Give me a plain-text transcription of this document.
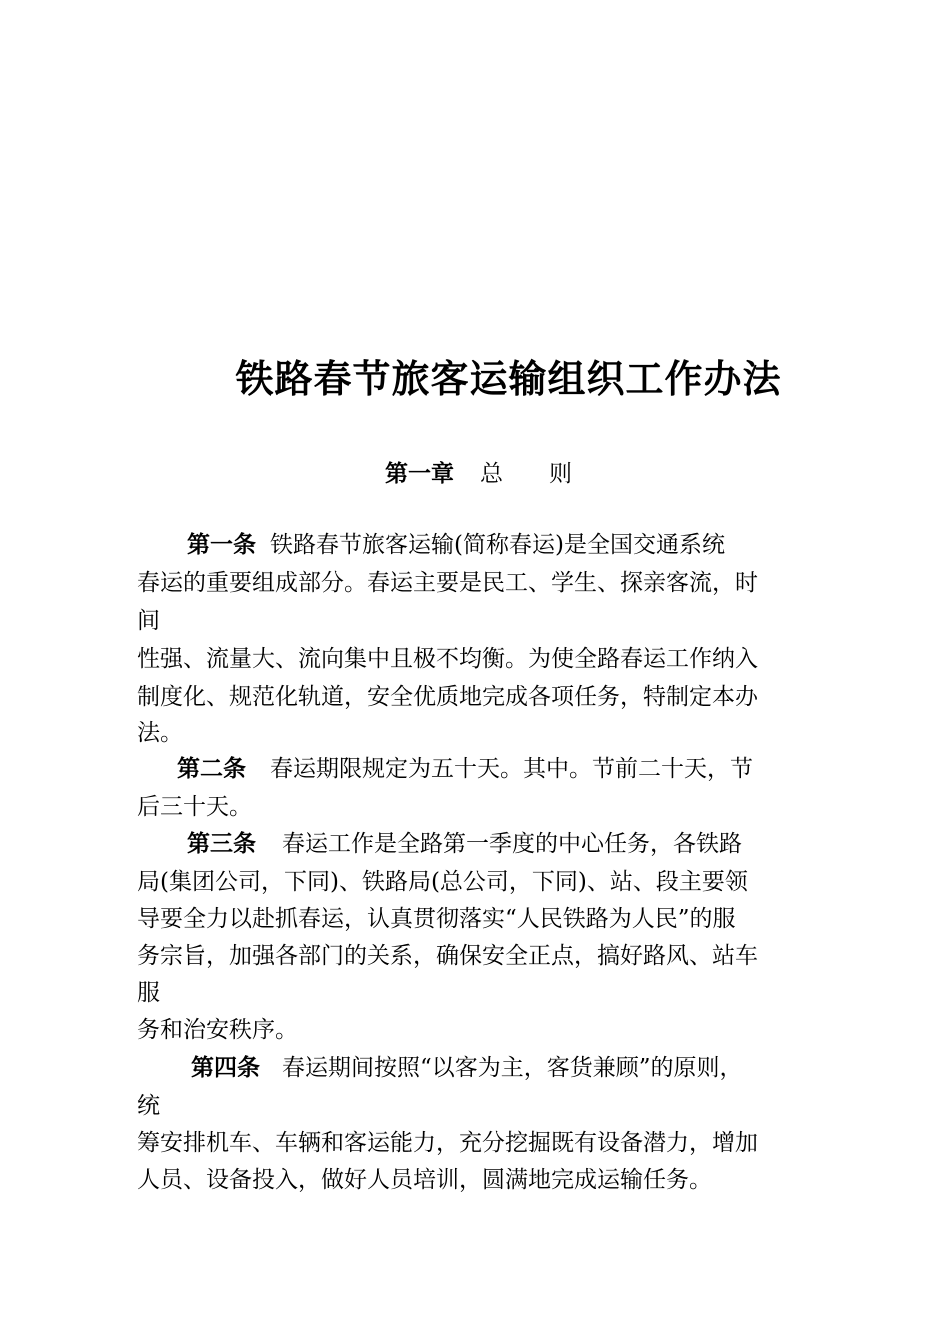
铁路春节旅客运输组织工作办法
第一章 总 则
第一条 铁路春节旅客运输(简称春运)是全国交通系统
春运的重要组成部分。春运主要是民工、学生、探亲客流，时
间
性强、流量大、流向集中且极不均衡。为使全路春运工作纳入
制度化、规范化轨道，安全优质地完成各项任务，特制定本办
法。
第二条 春运期限规定为五十天。其中。节前二十天，节
后三十天。
第三条 春运工作是全路第一季度的中心任务，各铁路
局(集团公司，下同)、铁路局(总公司，下同)、站、段主要领
导要全力以赴抓春运，认真贯彻落实“人民铁路为人民”的服
务宗旨，加强各部门的关系，确保安全正点，搞好路风、站车
服
务和治安秩序。
第四条 春运期间按照“以客为主，客货兼顾”的原则，
统
筹安排机车、车辆和客运能力，充分挖掘既有设备潜力，增加
人员、设备投入，做好人员培训，圆满地完成运输任务。
